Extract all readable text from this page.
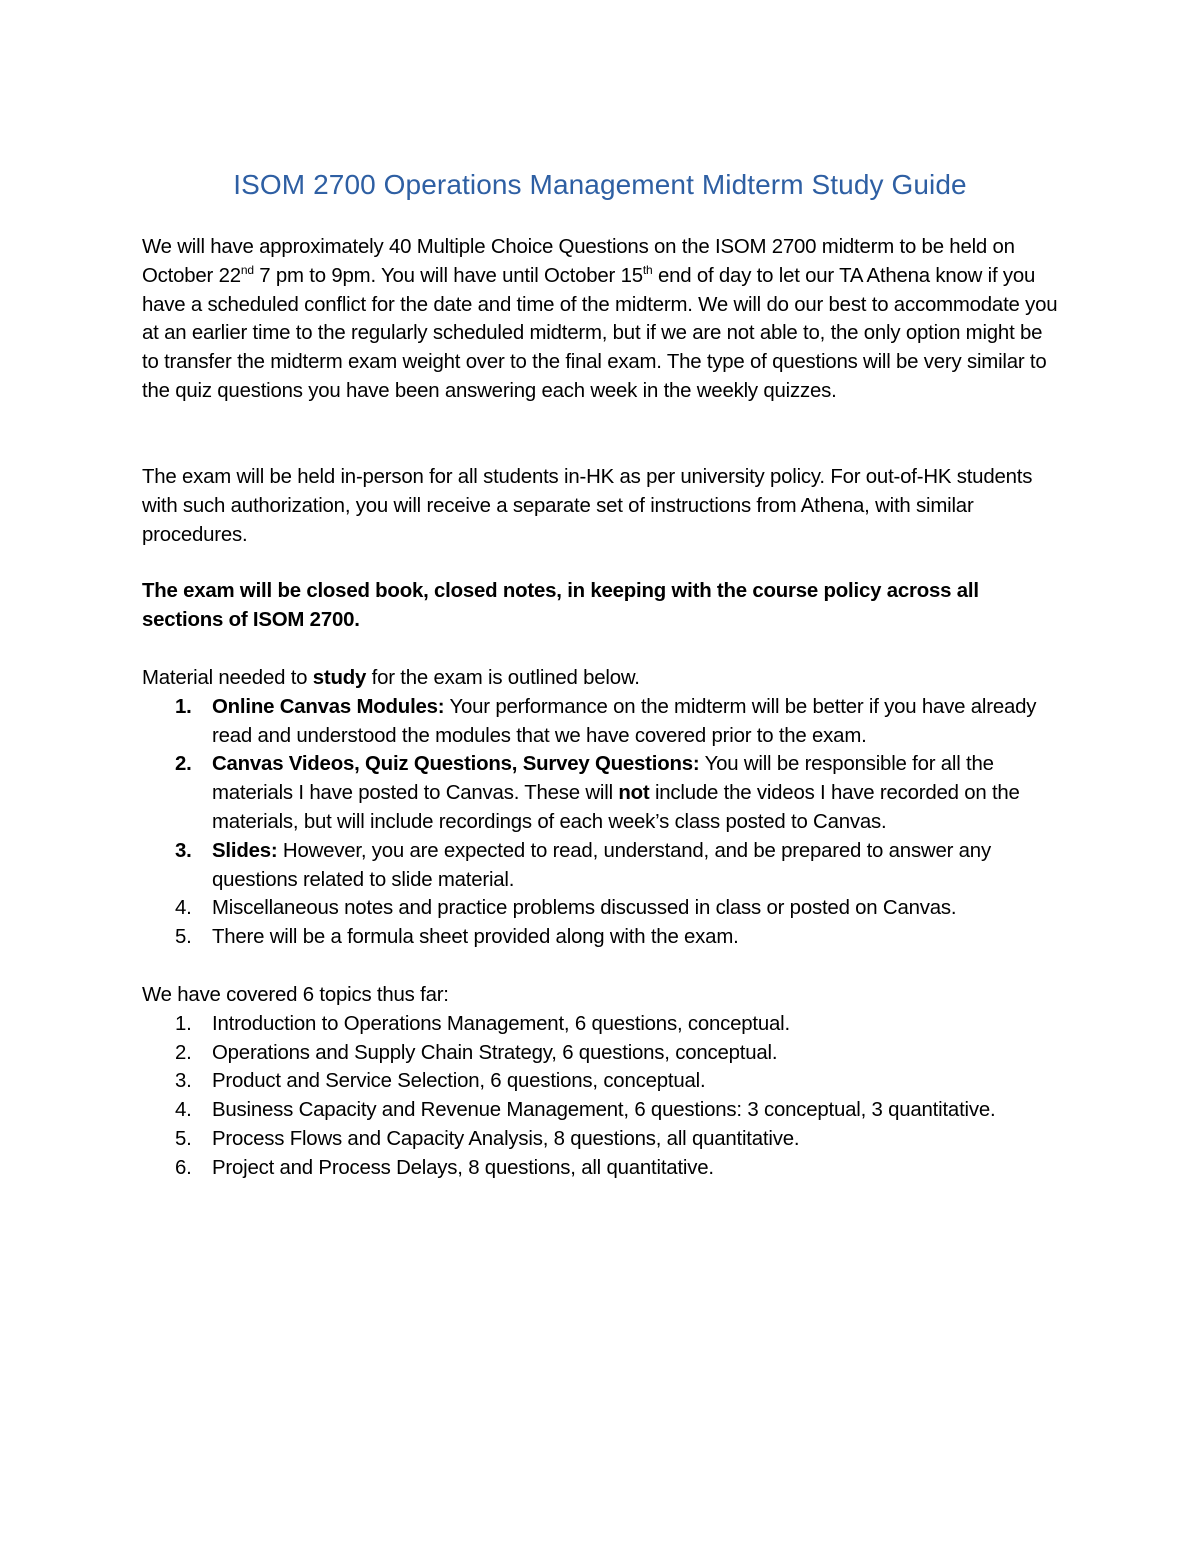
ISOM 2700 Operations Management Midterm Study Guide

We will have approximately 40 Multiple Choice Questions on the ISOM 2700 midterm to be held on October 22nd 7 pm to 9pm. You will have until October 15th end of day to let our TA Athena know if you have a scheduled conflict for the date and time of the midterm. We will do our best to accommodate you at an earlier time to the regularly scheduled midterm, but if we are not able to, the only option might be to transfer the midterm exam weight over to the final exam. The type of questions will be very similar to the quiz questions you have been answering each week in the weekly quizzes.

The exam will be held in-person for all students in-HK as per university policy. For out-of-HK students with such authorization, you will receive a separate set of instructions from Athena, with similar procedures.

The exam will be closed book, closed notes, in keeping with the course policy across all sections of ISOM 2700.

Material needed to study for the exam is outlined below.

1. Online Canvas Modules: Your performance on the midterm will be better if you have already read and understood the modules that we have covered prior to the exam.
2. Canvas Videos, Quiz Questions, Survey Questions: You will be responsible for all the materials I have posted to Canvas. These will not include the videos I have recorded on the materials, but will include recordings of each week’s class posted to Canvas.
3. Slides: However, you are expected to read, understand, and be prepared to answer any questions related to slide material.
4. Miscellaneous notes and practice problems discussed in class or posted on Canvas.
5. There will be a formula sheet provided along with the exam.

We have covered 6 topics thus far:

1. Introduction to Operations Management, 6 questions, conceptual.
2. Operations and Supply Chain Strategy, 6 questions, conceptual.
3. Product and Service Selection, 6 questions, conceptual.
4. Business Capacity and Revenue Management, 6 questions: 3 conceptual, 3 quantitative.
5. Process Flows and Capacity Analysis, 8 questions, all quantitative.
6. Project and Process Delays, 8 questions, all quantitative.
